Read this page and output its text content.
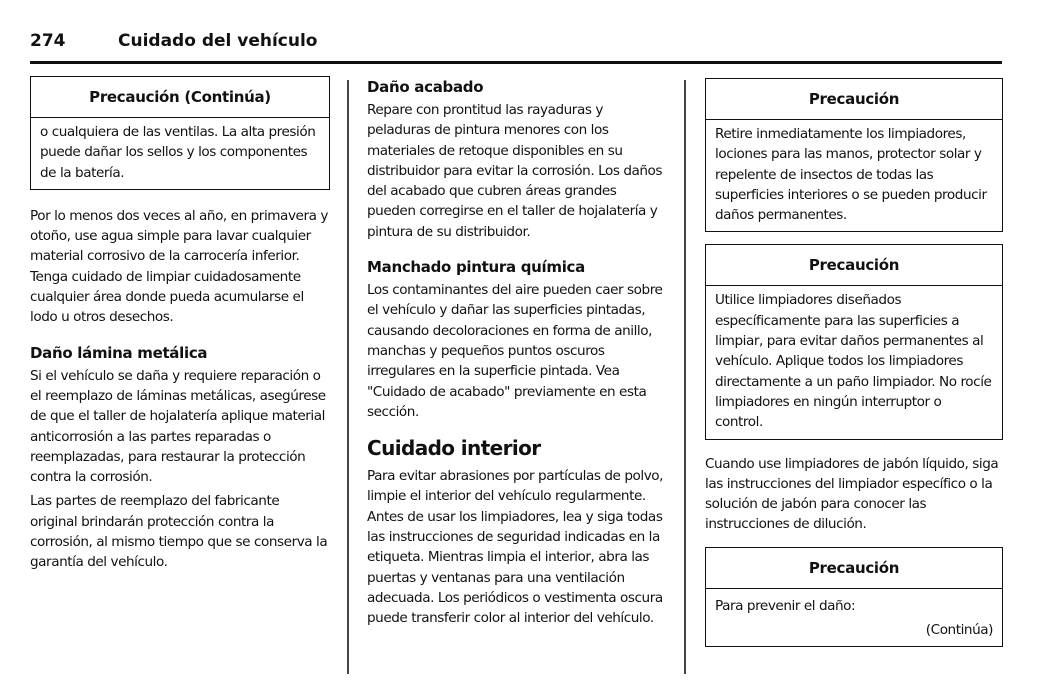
274	Cuidado del vehículo
Precaución (Continúa)

o cualquiera de las ventilas. La alta presión puede dañar los sellos y los componentes de la batería.

Por lo menos dos veces al año, en primavera y otoño, use agua simple para lavar cualquier material corrosivo de la carrocería inferior. Tenga cuidado de limpiar cuidadosamente cualquier área donde pueda acumularse el lodo u otros desechos.

Daño lámina metálica

Si el vehículo se daña y requiere reparación o el reemplazo de láminas metálicas, asegúrese de que el taller de hojalatería aplique material anticorrosión a las partes reparadas o reemplazadas, para restaurar la protección contra la corrosión.

Las partes de reemplazo del fabricante original brindarán protección contra la corrosión, al mismo tiempo que se conserva la garantía del vehículo.

Daño acabado

Repare con prontitud las rayaduras y peladuras de pintura menores con los materiales de retoque disponibles en su distribuidor para evitar la corrosión. Los daños del acabado que cubren áreas grandes pueden corregirse en el taller de hojalatería y pintura de su distribuidor.

Manchado pintura química

Los contaminantes del aire pueden caer sobre el vehículo y dañar las superficies pintadas, causando decoloraciones en forma de anillo, manchas y pequeños puntos oscuros irregulares en la superficie pintada. Vea "Cuidado de acabado" previamente en esta sección.

Cuidado interior

Para evitar abrasiones por partículas de polvo, limpie el interior del vehículo regularmente. Antes de usar los limpiadores, lea y siga todas las instrucciones de seguridad indicadas en la etiqueta. Mientras limpia el interior, abra las puertas y ventanas para una ventilación adecuada. Los periódicos o vestimenta oscura puede transferir color al interior del vehículo.

Precaución

Retire inmediatamente los limpiadores, lociones para las manos, protector solar y repelente de insectos de todas las superficies interiores o se pueden producir daños permanentes.

Precaución

Utilice limpiadores diseñados específicamente para las superficies a limpiar, para evitar daños permanentes al vehículo. Aplique todos los limpiadores directamente a un paño limpiador. No rocíe limpiadores en ningún interruptor o control.

Cuando use limpiadores de jabón líquido, siga las instrucciones del limpiador específico o la solución de jabón para conocer las instrucciones de dilución.

Precaución

Para prevenir el daño:

(Continúa)
